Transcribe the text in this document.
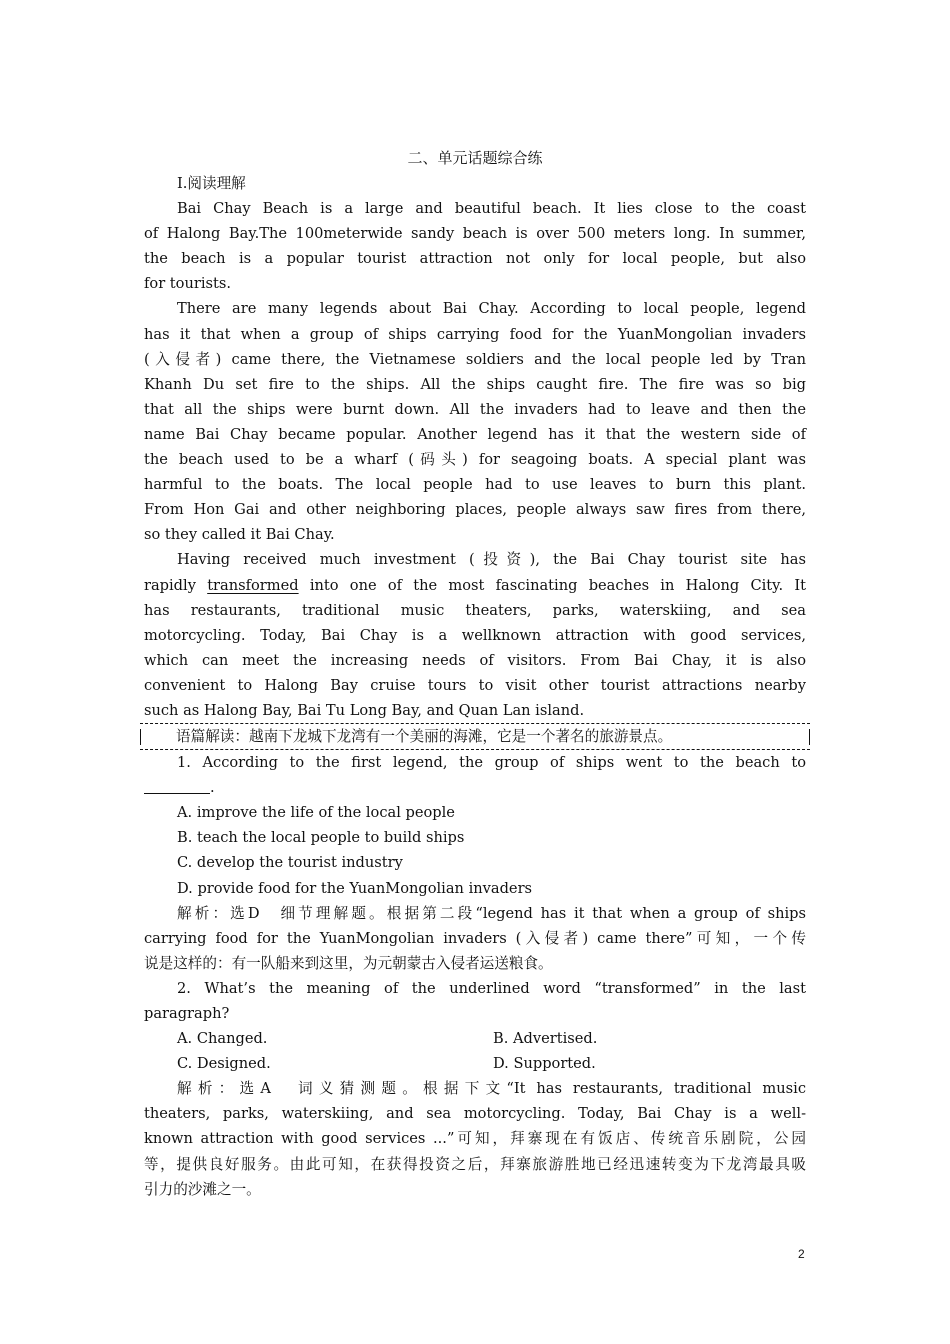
二、单元话题综合练
Ⅰ.阅读理解
Bai Chay Beach is a large and beautiful beach. It lies close to the coast
of Halong Bay.The 100meterwide sandy beach is over 500 meters long. In summer,
the beach is a popular tourist attraction not only for local people, but also
for tourists.
There are many legends about Bai Chay. According to local people, legend
has it that when a group of ships carrying food for the YuanMongolian invaders
(入侵者) came there, the Vietnamese soldiers and the local people led by Tran
Khanh Du set fire to the ships. All the ships caught fire. The fire was so big
that all the ships were burnt down. All the invaders had to leave and then the
name Bai Chay became popular. Another legend has it that the western side of
the beach used to be a wharf (码头) for seagoing boats. A special plant was
harmful to the boats. The local people had to use leaves to burn this plant.
From Hon Gai and other neighboring places, people always saw fires from there,
so they called it Bai Chay.
Having received much investment (投资), the Bai Chay tourist site has
rapidly transformed into one of the most fascinating beaches in Halong City. It
has restaurants, traditional music theaters, parks, waterskiing, and sea
motorcycling. Today, Bai Chay is a wellknown attraction with good services,
which can meet the increasing needs of visitors. From Bai Chay, it is also
convenient to Halong Bay cruise tours to visit other tourist attractions nearby
such as Halong Bay, Bai Tu Long Bay, and Quan Lan island.
语篇解读：越南下龙城下龙湾有一个美丽的海滩，它是一个著名的旅游景点。
1. According to the first legend, the group of ships went to the beach to
.
A. improve the life of the local people
B. teach the local people to build ships
C. develop the tourist industry
D. provide food for the YuanMongolian invaders
解析：选D　细节理解题。根据第二段“legend has it that when a group of ships
carrying food for the YuanMongolian invaders (入侵者) came there”可知，一个传
说是这样的：有一队船来到这里，为元朝蒙古入侵者运送粮食。
2. What’s the meaning of the underlined word “transformed” in the last
paragraph?
A. Changed.	B. Advertised.
C. Designed.	D. Supported.
解析：选A　词义猜测题。根据下文“It has restaurants, traditional music
theaters, parks, waterskiing, and sea motorcycling. Today, Bai Chay is a well-
known attraction with good services ...”可知，拜寨现在有饭店、传统音乐剧院，公园
等，提供良好服务。由此可知，在获得投资之后，拜寨旅游胜地已经迅速转变为下龙湾最具吸
引力的沙滩之一。
2
